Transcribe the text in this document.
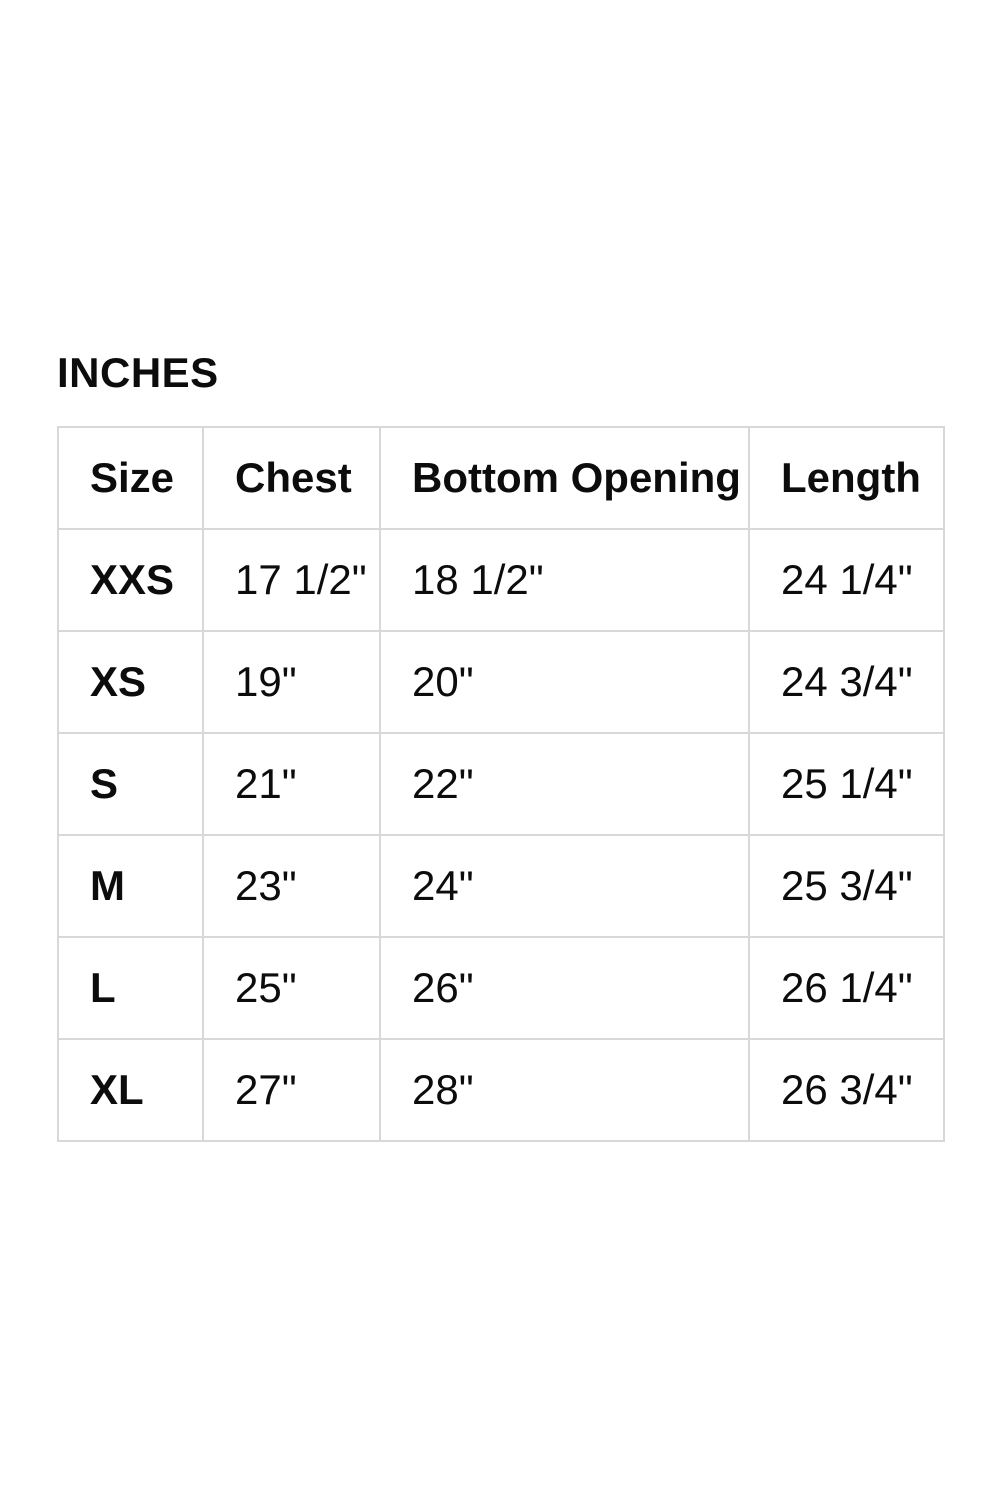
INCHES
Size	Chest	Bottom Opening	Length
XXS	17 1/2"	18 1/2"	24 1/4"
XS	19"	20"	24 3/4"
S	21"	22"	25 1/4"
M	23"	24"	25 3/4"
L	25"	26"	26 1/4"
XL	27"	28"	26 3/4"
